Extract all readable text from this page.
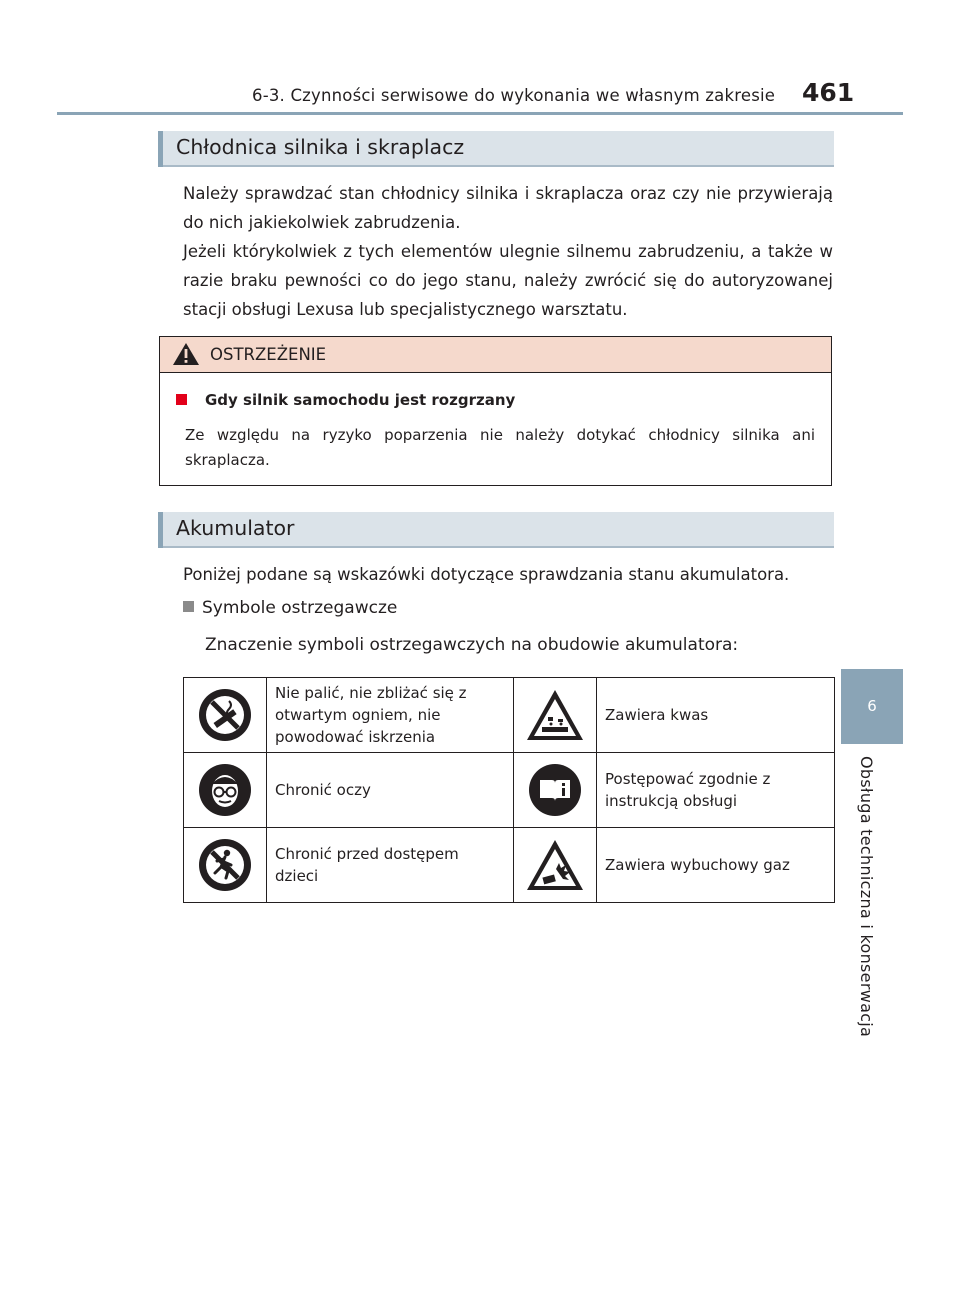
6-3. Czynności serwisowe do wykonania we własnym zakresie 461
6
Obsługa techniczna i konserwacja
Chłodnica silnika i skraplacz

Należy sprawdzać stan chłodnicy silnika i skraplacza oraz czy nie przywierają do nich jakiekolwiek zabrudzenia.

Jeżeli którykolwiek z tych elementów ulegnie silnemu zabrudzeniu, a także w razie braku pewności co do jego stanu, należy zwrócić się do autoryzowanej stacji obsługi Lexusa lub specjalistycznego warsztatu.

OSTRZEŻENIE
Gdy silnik samochodu jest rozgrzany
Ze względu na ryzyko poparzenia nie należy dotykać chłodnicy silnika ani skraplacza.
Akumulator
Poniżej podane są wskazówki dotyczące sprawdzania stanu akumulatora.
Symbole ostrzegawcze
Znaczenie symboli ostrzegawczych na obudowie akumulatora:
	Nie palić, nie zbliżać się z otwartym ogniem, nie powodować iskrzenia		Zawiera kwas

	Chronić oczy		Postępować zgodnie z instrukcją obsługi

	Chronić przed dostępem dzieci		Zawiera wybuchowy gaz
